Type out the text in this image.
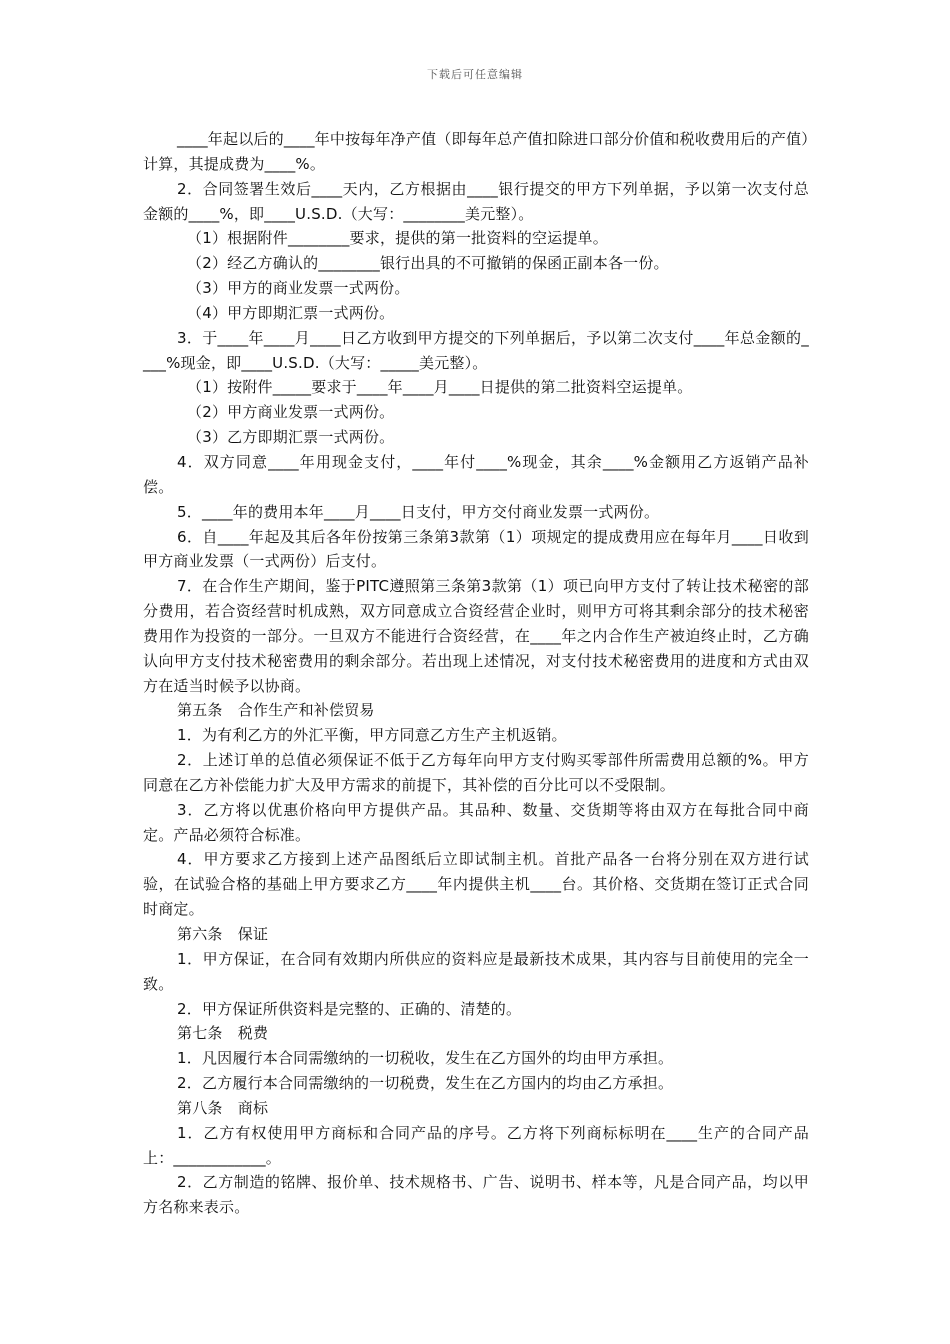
下载后可任意编辑

____年起以后的____年中按每年净产值（即每年总产值扣除进口部分价值和税收费用后的产值）计算，其提成费为____%。

2．合同签署生效后____天内，乙方根据由____银行提交的甲方下列单据，予以第一次支付总金额的____%，即____U.S.D.（大写：________美元整）。

（1）根据附件________要求，提供的第一批资料的空运提单。

（2）经乙方确认的________银行出具的不可撤销的保函正副本各一份。

（3）甲方的商业发票一式两份。

（4）甲方即期汇票一式两份。

3．于____年____月____日乙方收到甲方提交的下列单据后，予以第二次支付____年总金额的____%现金，即____U.S.D.（大写：_____美元整）。

（1）按附件_____要求于____年____月____日提供的第二批资料空运提单。

（2）甲方商业发票一式两份。

（3）乙方即期汇票一式两份。

4．双方同意____年用现金支付，____年付____%现金，其余____%金额用乙方返销产品补偿。

5．____年的费用本年____月____日支付，甲方交付商业发票一式两份。

6．自____年起及其后各年份按第三条第3款第（1）项规定的提成费用应在每年月____日收到甲方商业发票（一式两份）后支付。

7．在合作生产期间，鉴于PITC遵照第三条第3款第（1）项已向甲方支付了转让技术秘密的部分费用，若合资经营时机成熟，双方同意成立合资经营企业时，则甲方可将其剩余部分的技术秘密费用作为投资的一部分。一旦双方不能进行合资经营，在____年之内合作生产被迫终止时，乙方确认向甲方支付技术秘密费用的剩余部分。若出现上述情况，对支付技术秘密费用的进度和方式由双方在适当时候予以协商。

第五条　合作生产和补偿贸易

1．为有利乙方的外汇平衡，甲方同意乙方生产主机返销。

2．上述订单的总值必须保证不低于乙方每年向甲方支付购买零部件所需费用总额的%。甲方同意在乙方补偿能力扩大及甲方需求的前提下，其补偿的百分比可以不受限制。

3．乙方将以优惠价格向甲方提供产品。其品种、数量、交货期等将由双方在每批合同中商定。产品必须符合标准。

4．甲方要求乙方接到上述产品图纸后立即试制主机。首批产品各一台将分别在双方进行试验，在试验合格的基础上甲方要求乙方____年内提供主机____台。其价格、交货期在签订正式合同时商定。

第六条　保证

1．甲方保证，在合同有效期内所供应的资料应是最新技术成果，其内容与目前使用的完全一致。

2．甲方保证所供资料是完整的、正确的、清楚的。

第七条　税费

1．凡因履行本合同需缴纳的一切税收，发生在乙方国外的均由甲方承担。

2．乙方履行本合同需缴纳的一切税费，发生在乙方国内的均由乙方承担。

第八条　商标

1．乙方有权使用甲方商标和合同产品的序号。乙方将下列商标标明在____生产的合同产品上：____________。

2．乙方制造的铭牌、报价单、技术规格书、广告、说明书、样本等，凡是合同产品，均以甲方名称来表示。
